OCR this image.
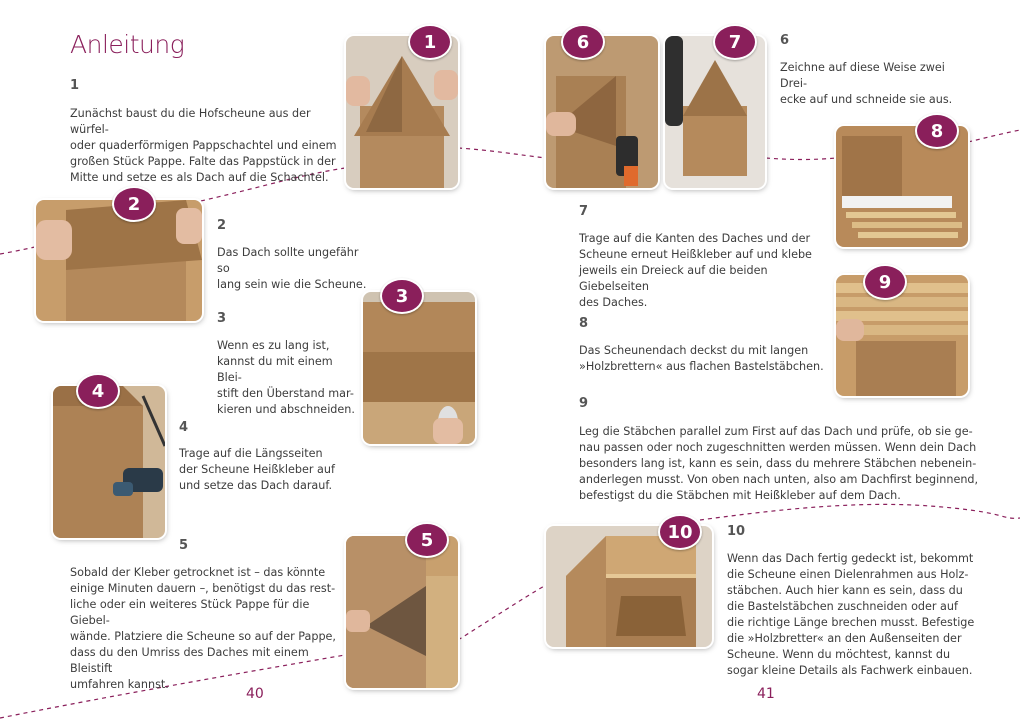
Anleitung
1
Zunächst baust du die Hofscheune aus der würfel-
oder quaderförmigen Pappschachtel und einem
großen Stück Pappe. Falte das Pappstück in der
Mitte und setze es als Dach auf die Schachtel.
2
Das Dach sollte ungefähr so
lang sein wie die Scheune.
3
Wenn es zu lang ist,
kannst du mit einem Blei-
stift den Überstand mar-
kieren und abschneiden.
4
Trage auf die Längsseiten
der Scheune Heißkleber auf
und setze das Dach darauf.
5
Sobald der Kleber getrocknet ist – das könnte
einige Minuten dauern –, benötigst du das rest-
liche oder ein weiteres Stück Pappe für die Giebel-
wände. Platziere die Scheune so auf der Pappe,
dass du den Umriss des Daches mit einem Bleistift
umfahren kannst.
1
2
3
4
5
40
6	7
8
9
10
6
Zeichne auf diese Weise zwei Drei-
ecke auf und schneide sie aus.
7
Trage auf die Kanten des Daches und der
Scheune erneut Heißkleber auf und klebe
jeweils ein Dreieck auf die beiden Giebelseiten
des Daches.
8
Das Scheunendach deckst du mit langen
»Holzbrettern« aus flachen Bastelstäbchen.
9
Leg die Stäbchen parallel zum First auf das Dach und prüfe, ob sie ge-
nau passen oder noch zugeschnitten werden müssen. Wenn dein Dach
besonders lang ist, kann es sein, dass du mehrere Stäbchen nebenein-
anderlegen musst. Von oben nach unten, also am Dachfirst beginnend,
befestigst du die Stäbchen mit Heißkleber auf dem Dach.
10
Wenn das Dach fertig gedeckt ist, bekommt
die Scheune einen Dielenrahmen aus Holz-
stäbchen. Auch hier kann es sein, dass du
die Bastelstäbchen zuschneiden oder auf
die richtige Länge brechen musst. Befestige
die »Holzbretter« an den Außenseiten der
Scheune. Wenn du möchtest, kannst du
sogar kleine Details als Fachwerk einbauen.
41
